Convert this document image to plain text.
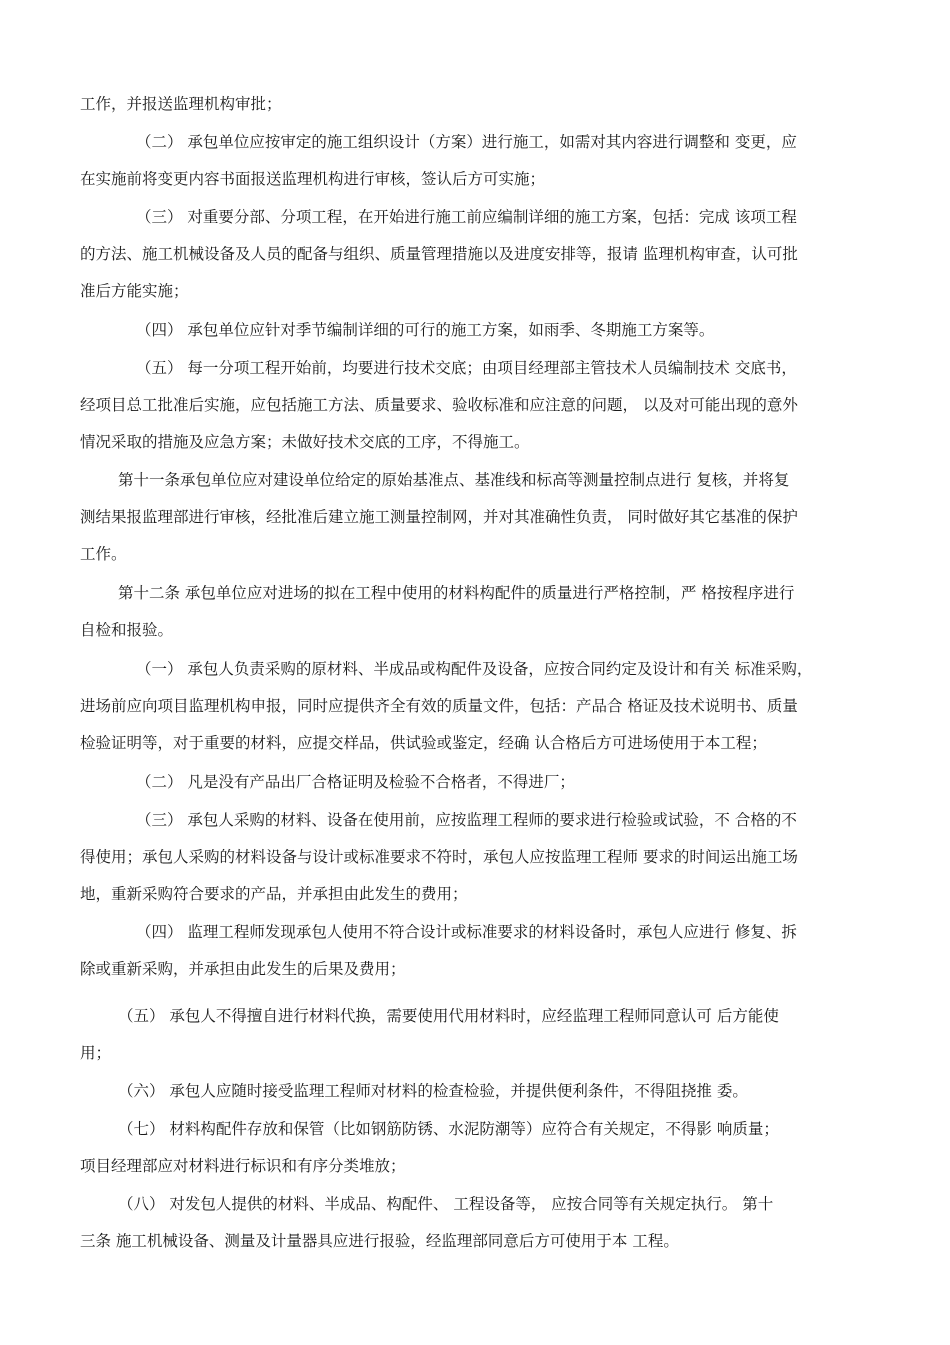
工作，并报送监理机构审批；
（二） 承包单位应按审定的施工组织设计（方案）进行施工，如需对其内容进行调整和 变更，应
在实施前将变更内容书面报送监理机构进行审核，签认后方可实施；
（三） 对重要分部、分项工程，在开始进行施工前应编制详细的施工方案，包括：完成 该项工程
的方法、施工机械设备及人员的配备与组织、质量管理措施以及进度安排等，报请 监理机构审查，认可批
准后方能实施；
（四） 承包单位应针对季节编制详细的可行的施工方案，如雨季、冬期施工方案等。
（五） 每一分项工程开始前，均要进行技术交底；由项目经理部主管技术人员编制技术 交底书，
经项目总工批准后实施，应包括施工方法、质量要求、验收标准和应注意的问题， 以及对可能出现的意外
情况采取的措施及应急方案；未做好技术交底的工序，不得施工。
第十一条承包单位应对建设单位给定的原始基准点、基准线和标高等测量控制点进行 复核，并将复
测结果报监理部进行审核，经批准后建立施工测量控制网，并对其准确性负责， 同时做好其它基准的保护
工作。
第十二条 承包单位应对进场的拟在工程中使用的材料构配件的质量进行严格控制，严 格按程序进行
自检和报验。
（一） 承包人负责采购的原材料、半成品或构配件及设备，应按合同约定及设计和有关 标准采购，
进场前应向项目监理机构申报，同时应提供齐全有效的质量文件，包括：产品合 格证及技术说明书、质量
检验证明等，对于重要的材料，应提交样品，供试验或鉴定，经确 认合格后方可进场使用于本工程；
（二） 凡是没有产品出厂合格证明及检验不合格者，不得进厂；
（三） 承包人采购的材料、设备在使用前，应按监理工程师的要求进行检验或试验，不 合格的不
得使用；承包人采购的材料设备与设计或标准要求不符时，承包人应按监理工程师 要求的时间运出施工场
地，重新采购符合要求的产品，并承担由此发生的费用；
（四） 监理工程师发现承包人使用不符合设计或标准要求的材料设备时，承包人应进行 修复、拆
除或重新采购，并承担由此发生的后果及费用；
（五） 承包人不得擅自进行材料代换，需要使用代用材料时，应经监理工程师同意认可 后方能使
用；
（六） 承包人应随时接受监理工程师对材料的检查检验，并提供便利条件，不得阻挠推 委。
（七） 材料构配件存放和保管（比如钢筋防锈、水泥防潮等）应符合有关规定，不得影 响质量；
项目经理部应对材料进行标识和有序分类堆放；
（八） 对发包人提供的材料、半成品、构配件、 工程设备等， 应按合同等有关规定执行。 第十
三条 施工机械设备、测量及计量器具应进行报验，经监理部同意后方可使用于本 工程。
